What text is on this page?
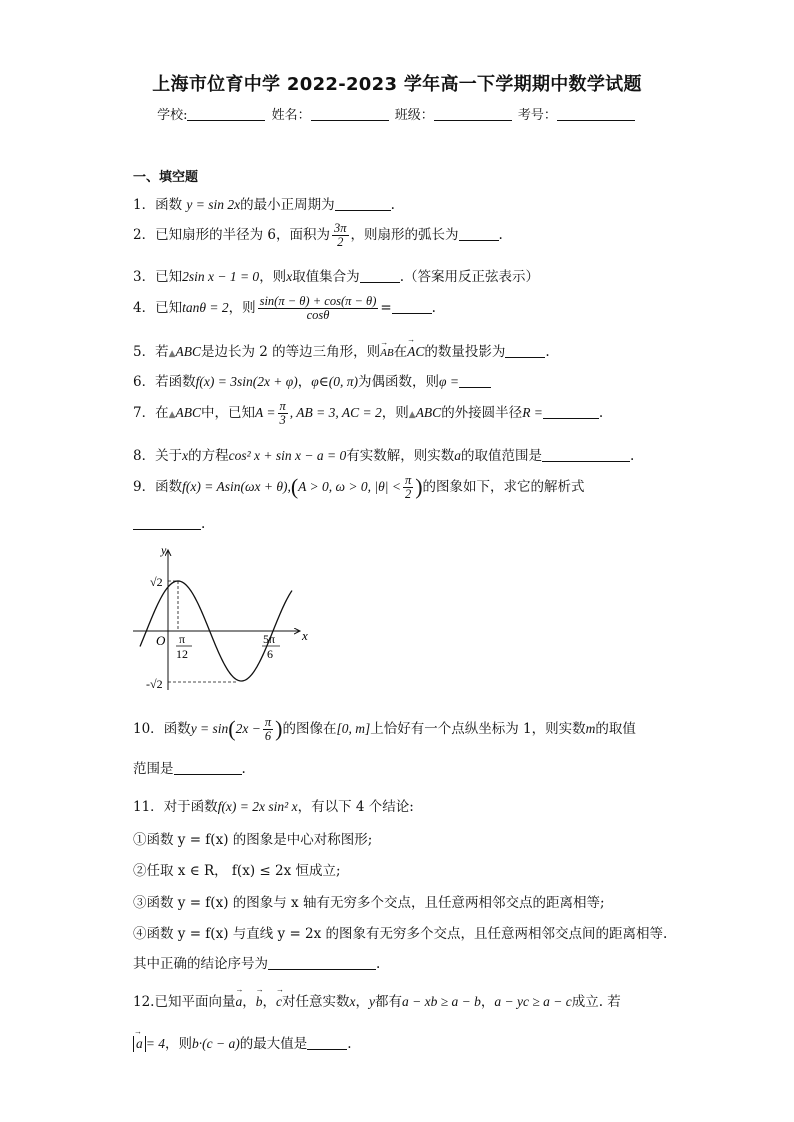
上海市位育中学 2022-2023 学年高一下学期期中数学试题
学校:	姓名：	班级：	考号：
一、填空题
1．函数 y = sin 2x的最小正周期为	.
2．已知扇形的半径为 6，面积为 $\frac{3\pi}{2}$ ，则扇形的弧长为	.
3．已知2sin x − 1 = 0，则x取值集合为	.（答案用反正弦表示）
4．已知tanθ = 2，则 $\frac{\sin(\pi - \theta) + \cos(\pi - \theta)}{\cos\theta}$ =	.
5．若▲ABC是边长为 2 的等边三角形，则→ AB在→ AC的数量投影为	.
6．若函数f(x) = 3sin(2x + φ)，φ∈(0, π)为偶函数，则φ =
7．在▲ABC中，已知$A = \frac{\pi}{3}$ , AB = 3, AC = 2，则▲ABC的外接圆半径R =	.
8．关于x的方程cos² x + sin x − a = 0有实数解，则实数a的取值范围是	.
9．函数f(x) = Asin(ωx + θ),(A > 0, ω > 0, $|\theta| < \frac{\pi}{2}$ )的图象如下，求它的解析式
.
y
x
O
√2
-√2
π
12
5π
6
10．函数$y = \sin(2x - \frac{\pi}{6}$ )的图像在[0, m]上恰好有一个点纵坐标为 1，则实数m的取值
范围是	.
11．对于函数f(x) = 2x sin² x，有以下 4 个结论:
①函数 y = f(x) 的图象是中心对称图形;
②任取 x ∈ R， f(x) ≤ 2x 恒成立;
③函数 y = f(x) 的图象与 x 轴有无穷多个交点，且任意两相邻交点的距离相等;
④函数 y = f(x) 与直线 y = 2x 的图象有无穷多个交点，且任意两相邻交点间的距离相等.
其中正确的结论序号为	.
12.已知平面向量→ a，→ b，→ c对任意实数x，y都有a − xb ≥ a − b，a − yc ≥ a − c成立. 若
→ a = 4，则b·(c − a)的最大值是	.
